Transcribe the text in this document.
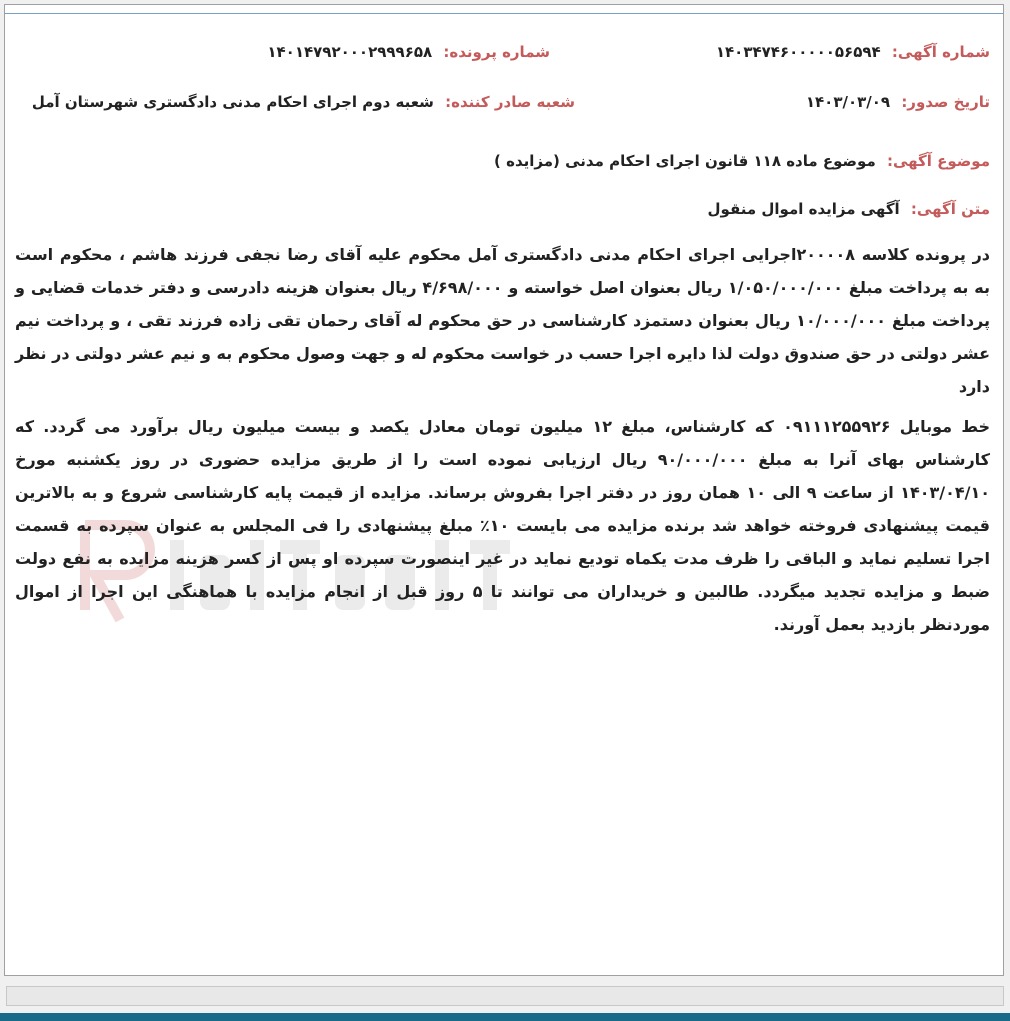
شماره آگهی: ۱۴۰۳۴۷۴۶۰۰۰۰۰۵۶۵۹۴
شماره پرونده: ۱۴۰۱۴۷۹۲۰۰۰۲۹۹۹۶۵۸
تاریخ صدور: ۱۴۰۳/۰۳/۰۹
شعبه صادر کننده: شعبه دوم اجرای احکام مدنی دادگستری شهرستان آمل
موضوع آگهی: موضوع ماده ۱۱۸ قانون اجرای احکام مدنی (مزایده )
متن آگهی: آگهی مزایده اموال منقول
در پرونده کلاسه ۲۰۰۰۰۸اجرایی اجرای احکام مدنی دادگستری آمل محکوم علیه آقای رضا نجفی فرزند هاشم ، محکوم است به به پرداخت مبلغ ۱/۰۵۰/۰۰۰/۰۰۰ ریال بعنوان اصل خواسته و ۴/۶۹۸/۰۰۰ ریال بعنوان هزینه دادرسی و دفتر خدمات قضایی و پرداخت مبلغ ۱۰/۰۰۰/۰۰۰ ریال بعنوان دستمزد کارشناسی در حق محکوم له آقای رحمان تقی زاده فرزند تقی ، و پرداخت نیم عشر دولتی در حق صندوق دولت لذا دایره اجرا حسب در خواست محکوم له و جهت وصول محکوم به و نیم عشر دولتی در نظر دارد
خط موبایل ۰۹۱۱۱۲۵۵۹۲۶ که کارشناس، مبلغ ۱۲ میلیون تومان معادل یکصد و بیست میلیون ریال برآورد می گردد. که کارشناس بهای آنرا به مبلغ ۹۰/۰۰۰/۰۰۰ ریال ارزیابی نموده است را از طریق مزایده حضوری در روز یکشنبه مورخ ۱۴۰۳/۰۴/۱۰ از ساعت ۹ الی ۱۰ همان روز در دفتر اجرا بفروش برساند. مزایده از قیمت پایه کارشناسی شروع و به بالاترین قیمت پیشنهادی فروخته خواهد شد برنده مزایده می بایست ۱۰٪ مبلغ پیشنهادی را فی المجلس به عنوان سپرده به قسمت اجرا تسلیم نماید و الباقی را ظرف مدت یکماه تودیع نماید در غیر اینصورت سپرده او پس از کسر هزینه مزایده به نفع دولت ضبط و مزایده تجدید میگردد. طالبین و خریداران می توانند تا ۵ روز قبل از انجام مزایده با هماهنگی این اجرا از اموال موردنظر بازدید بعمل آورند.
